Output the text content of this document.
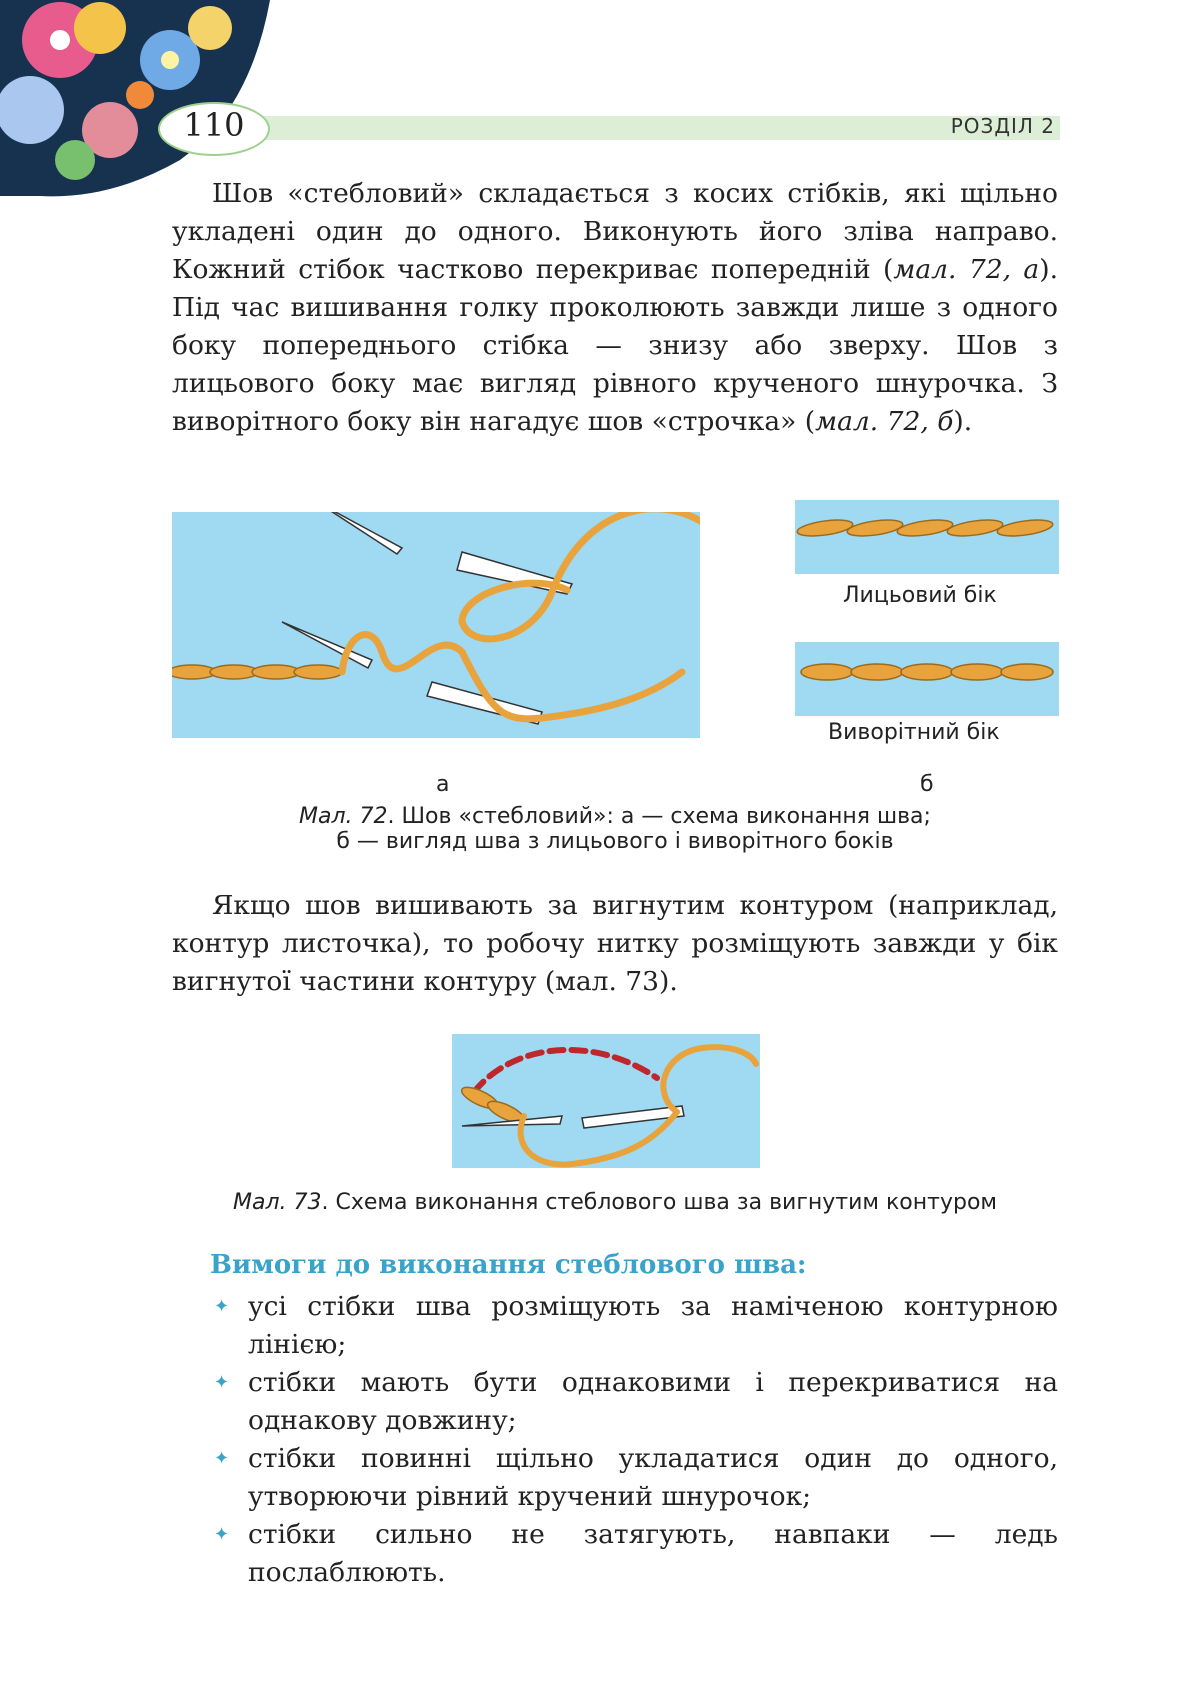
110	РОЗДІЛ 2

Шов «стебловий» складається з косих стібків, які щільно укладені один до одного. Виконують його зліва направо. Кожний стібок частково перекриває попередній (мал. 72, а). Під час вишивання голку проколюють завжди лише з одного боку попереднього стібка — знизу або зверху. Шов з лицьового боку має вигляд рівного крученого шнурочка. З виворітного боку він нагадує шов «строчка» (мал. 72, б).

Лицьовий бік
Виворітний бік
а	б
Мал. 72. Шов «стебловий»: а — схема виконання шва;
б — вигляд шва з лицьового і виворітного боків

Якщо шов вишивають за вигнутим контуром (наприклад, контур листочка), то робочу нитку розміщують завжди у бік вигнутої частини контуру (мал. 73).

Мал. 73. Схема виконання стеблового шва за вигнутим контуром
Вимоги до виконання стеблового шва:
✦ усі стібки шва розміщують за наміченою контурною лінією;
✦ стібки мають бути однаковими і перекриватися на однакову довжину;
✦ стібки повинні щільно укладатися один до одного, утворюючи рівний кручений шнурочок;
✦ стібки сильно не затягують, навпаки — ледь послаблюють.
